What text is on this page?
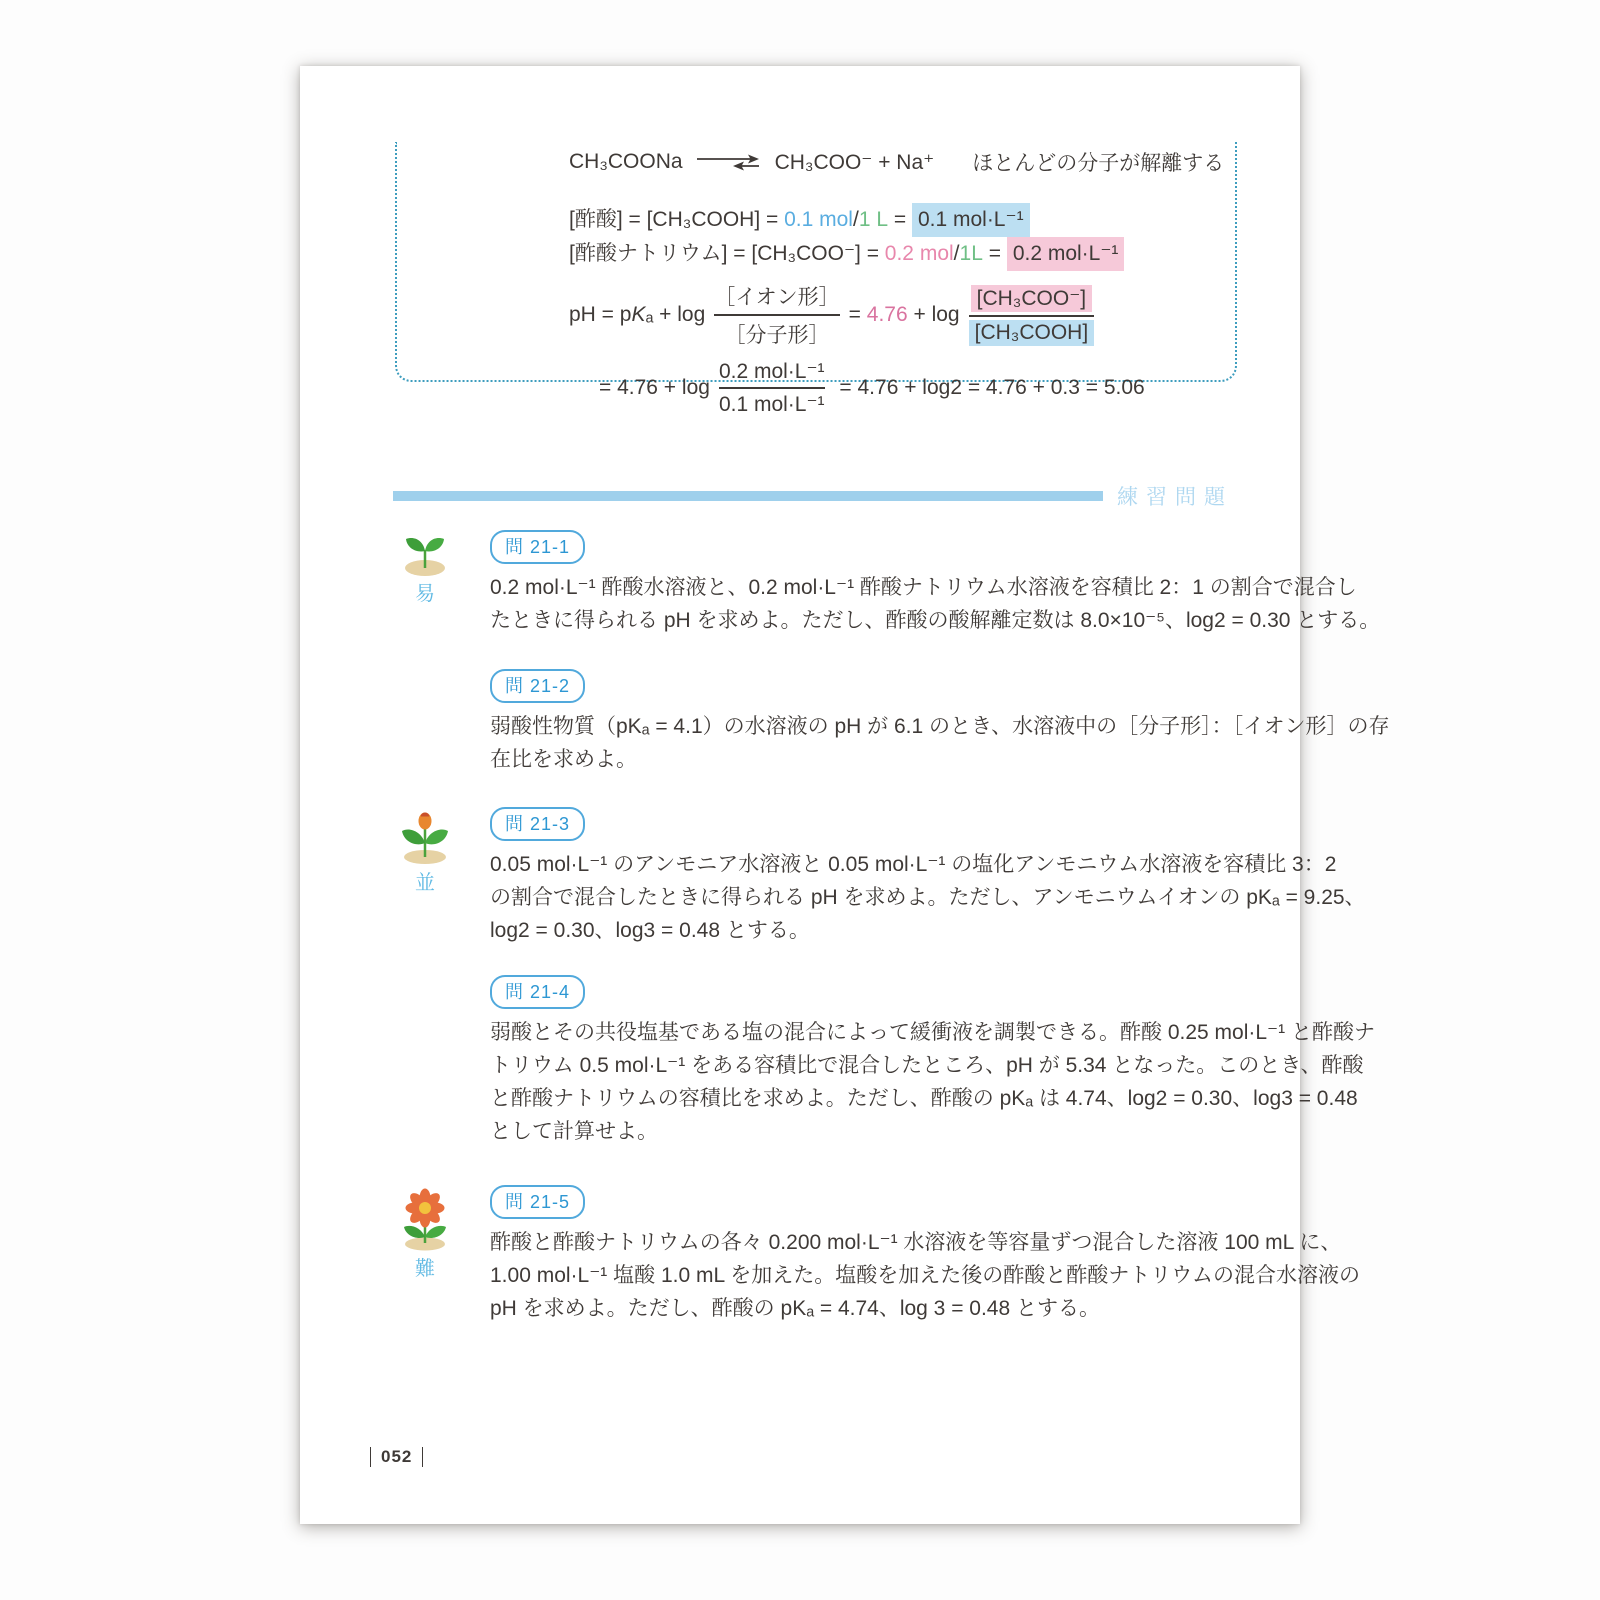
CH₃COONa →
CH₃COO⁻ + Na⁺ ほとんどの分子が解離する
[酢酸] = [CH₃COOH] = 0.1 mol / 1 L = 0.1 mol·L⁻¹
[酢酸ナトリウム] = [CH₃COO⁻] = 0.2 mol / 1L = 0.2 mol·L⁻¹
pH = p K $_a + \log \frac{\text{［イオン形］}}{\text{［分子形］}} = 4.76 + \log \frac{\text{[CH₃COO⁻]}}{\text{[CH₃COOH]}}$
= $4.76 + \log \frac{\text{0.2 mol·L⁻¹}}{\text{0.1 mol·L⁻¹}} = 4.76 + \log 2 = 4.76 + 0.3 = 5.06$
練習問題
易
問 21-1
0.2 mol·L⁻¹ 酢酸水溶液と、0.2 mol·L⁻¹ 酢酸ナトリウム水溶液を容積比 2：1 の割合で混合し
たときに得られる pH を求めよ。ただし、酢酸の酸解離定数は 8.0×10⁻⁵、log2 = 0.30 とする。
問 21-2
弱酸性物質（pKₐ = 4.1）の水溶液の pH が 6.1 のとき、水溶液中の［分子形］：［イオン形］の存
在比を求めよ。
並
問 21-3
0.05 mol·L⁻¹ のアンモニア水溶液と 0.05 mol·L⁻¹ の塩化アンモニウム水溶液を容積比 3：2
の割合で混合したときに得られる pH を求めよ。ただし、アンモニウムイオンの pKₐ = 9.25、
log2 = 0.30、log3 = 0.48 とする。
問 21-4
弱酸とその共役塩基である塩の混合によって緩衝液を調製できる。酢酸 0.25 mol·L⁻¹ と酢酸ナ
トリウム 0.5 mol·L⁻¹ をある容積比で混合したところ、pH が 5.34 となった。このとき、酢酸
と酢酸ナトリウムの容積比を求めよ。ただし、酢酸の pKₐ は 4.74、log2 = 0.30、log3 = 0.48
として計算せよ。
難
問 21-5
酢酸と酢酸ナトリウムの各々 0.200 mol·L⁻¹ 水溶液を等容量ずつ混合した溶液 100 mL に、
1.00 mol·L⁻¹ 塩酸 1.0 mL を加えた。塩酸を加えた後の酢酸と酢酸ナトリウムの混合水溶液の
pH を求めよ。ただし、酢酸の pKₐ = 4.74、log 3 = 0.48 とする。
052
